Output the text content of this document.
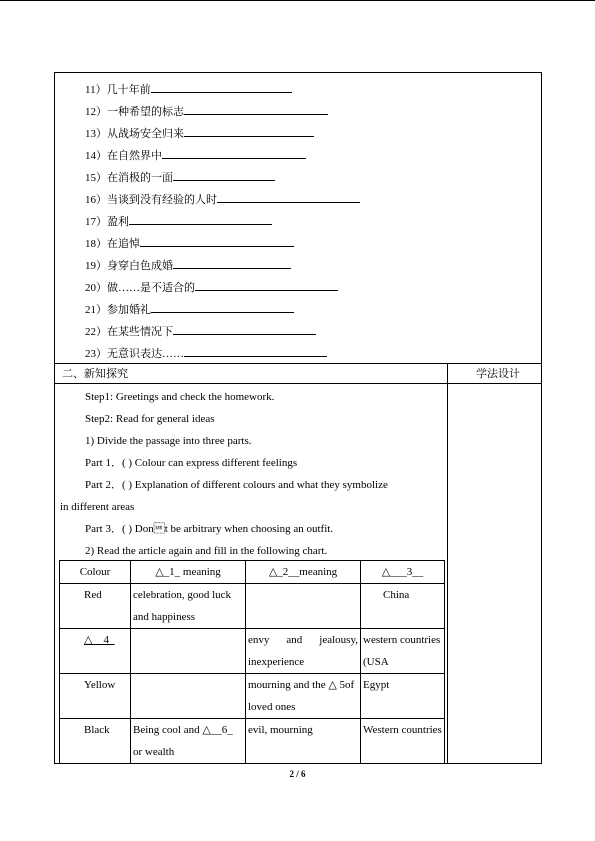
11）几十年前
12）一种希望的标志
13）从战场安全归来
14）在自然界中
15）在消极的一面
16）当谈到没有经验的人时
17）盈利
18）在追悼
19）身穿白色成婚
20）做……是不适合的
21）参加婚礼
22）在某些情况下
23）无意识表达……
二、新知探究	学法设计
Step1: Greetings and check the homework.
Step2: Read for general ideas
1) Divide the passage into three parts.
Part 1．( ) Colour can express different feelings
Part 2．( ) Explanation of different colours and what they symbolize
in different areas
Part 3．( ) Dont be arbitrary when choosing an outfit.
2) Read the article again and fill in the following chart.
Colour	△_1_ meaning	△_2__meaning	△___3__
Red	celebration, good luck and happiness		China
△__4_		envy and jealousy, inexperience	western countries (USA
Yellow		mourning and the △ 5of loved ones	Egypt
Black	Being cool and △__6_ or wealth	evil, mourning	Western countries
2 / 6
